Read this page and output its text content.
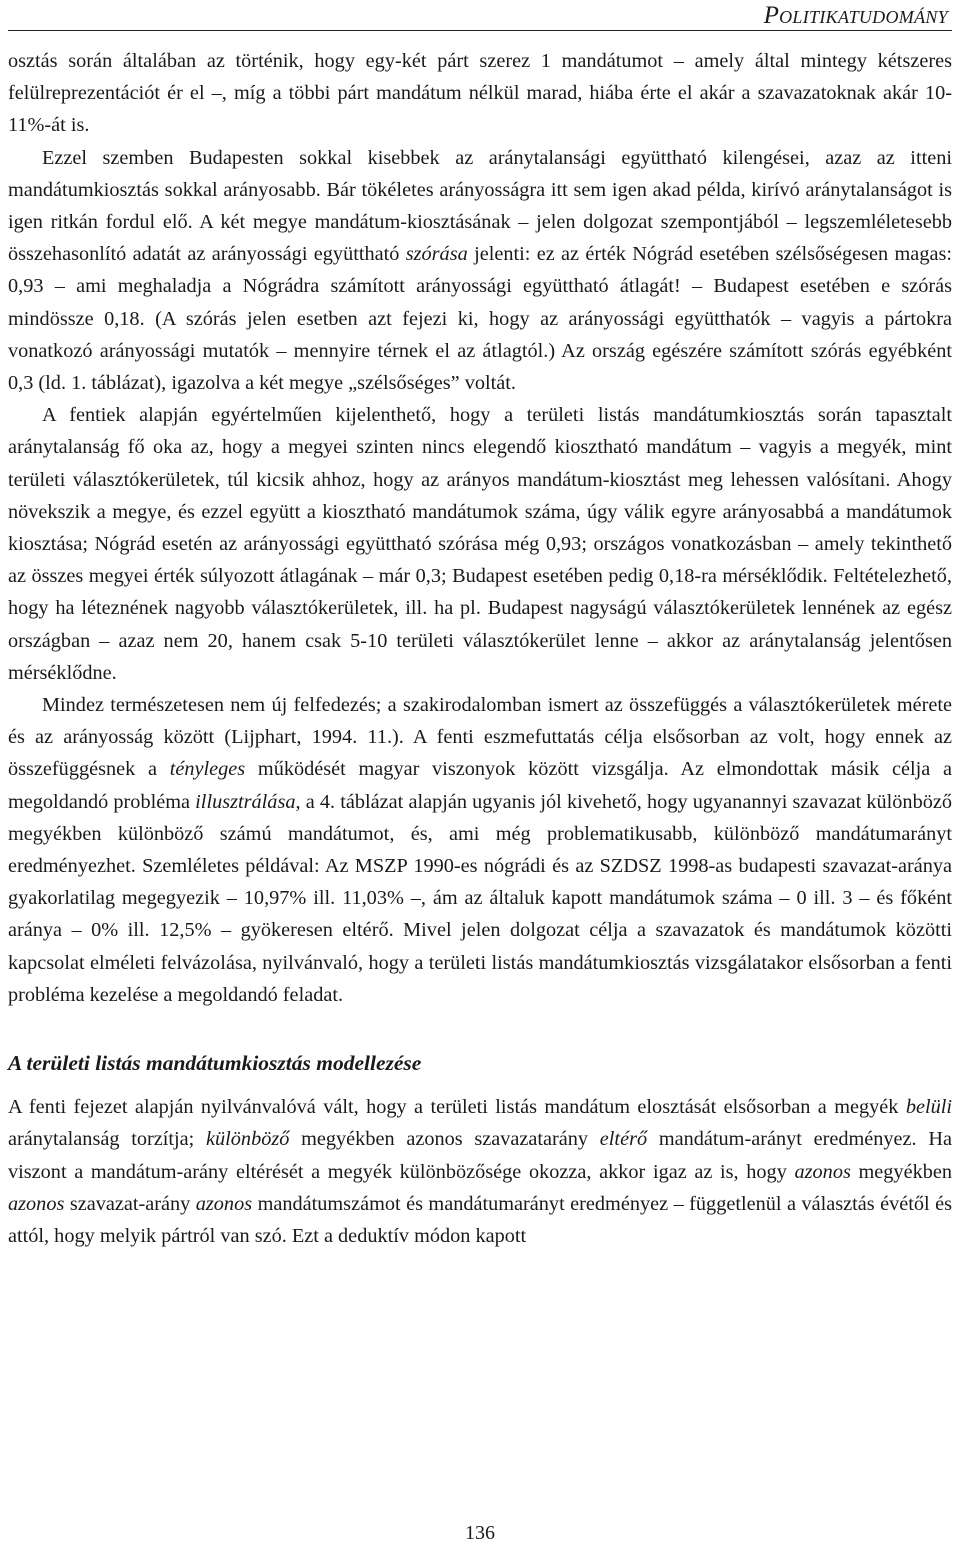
Politikatudomány

osztás során általában az történik, hogy egy-két párt szerez 1 mandátumot – amely által mintegy kétszeres felülreprezentációt ér el –, míg a többi párt mandátum nélkül marad, hiába érte el akár a szavazatoknak akár 10-11%-át is.

Ezzel szemben Budapesten sokkal kisebbek az aránytalansági együttható kilengései, azaz az itteni mandátumkiosztás sokkal arányosabb. Bár tökéletes arányosságra itt sem igen akad példa, kirívó aránytalanságot is igen ritkán fordul elő. A két megye mandátum-kiosztásának – jelen dolgozat szempontjából – legszemléletesebb összehasonlító adatát az arányossági együttható szórása jelenti: ez az érték Nógrád esetében szélsőségesen magas: 0,93 – ami meghaladja a Nógrádra számított arányossági együttható átlagát! – Budapest esetében e szórás mindössze 0,18. (A szórás jelen esetben azt fejezi ki, hogy az arányossági együtthatók – vagyis a pártokra vonatkozó arányossági mutatók – mennyire térnek el az átlagtól.) Az ország egészére számított szórás egyébként 0,3 (ld. 1. táblázat), igazolva a két megye „szélsőséges” voltát.

A fentiek alapján egyértelműen kijelenthető, hogy a területi listás mandátumkiosztás során tapasztalt aránytalanság fő oka az, hogy a megyei szinten nincs elegendő kiosztható mandátum – vagyis a megyék, mint területi választókerületek, túl kicsik ahhoz, hogy az arányos mandátum-kiosztást meg lehessen valósítani. Ahogy növekszik a megye, és ezzel együtt a kiosztható mandátumok száma, úgy válik egyre arányosabbá a mandátumok kiosztása; Nógrád esetén az arányossági együttható szórása még 0,93; országos vonatkozásban – amely tekinthető az összes megyei érték súlyozott átlagának – már 0,3; Budapest esetében pedig 0,18-ra mérséklődik. Feltételezhető, hogy ha léteznének nagyobb választókerületek, ill. ha pl. Budapest nagyságú választókerületek lennének az egész országban – azaz nem 20, hanem csak 5-10 területi választókerület lenne – akkor az aránytalanság jelentősen mérséklődne.

Mindez természetesen nem új felfedezés; a szakirodalomban ismert az összefüggés a választókerületek mérete és az arányosság között (Lijphart, 1994. 11.). A fenti eszmefuttatás célja elsősorban az volt, hogy ennek az összefüggésnek a tényleges működését magyar viszonyok között vizsgálja. Az elmondottak másik célja a megoldandó probléma illusztrálása, a 4. táblázat alapján ugyanis jól kivehető, hogy ugyanannyi szavazat különböző megyékben különböző számú mandátumot, és, ami még problematikusabb, különböző mandátumarányt eredményezhet. Szemléletes példával: Az MSZP 1990-es nógrádi és az SZDSZ 1998-as budapesti szavazat-aránya gyakorlatilag megegyezik – 10,97% ill. 11,03% –, ám az általuk kapott mandátumok száma – 0 ill. 3 – és főként aránya – 0% ill. 12,5% – gyökeresen eltérő. Mivel jelen dolgozat célja a szavazatok és mandátumok közötti kapcsolat elméleti felvázolása, nyilvánvaló, hogy a területi listás mandátumkiosztás vizsgálatakor elsősorban a fenti probléma kezelése a megoldandó feladat.

A területi listás mandátumkiosztás modellezése

A fenti fejezet alapján nyilvánvalóvá vált, hogy a területi listás mandátum elosztását elsősorban a megyék belüli aránytalanság torzítja; különböző megyékben azonos szavazatarány eltérő mandátum-arányt eredményez. Ha viszont a mandátum-arány eltérését a megyék különbözősége okozza, akkor igaz az is, hogy azonos megyékben azonos szavazat-arány azonos mandátumszámot és mandátumarányt eredményez – függetlenül a választás évétől és attól, hogy melyik pártról van szó. Ezt a deduktív módon kapott

136
